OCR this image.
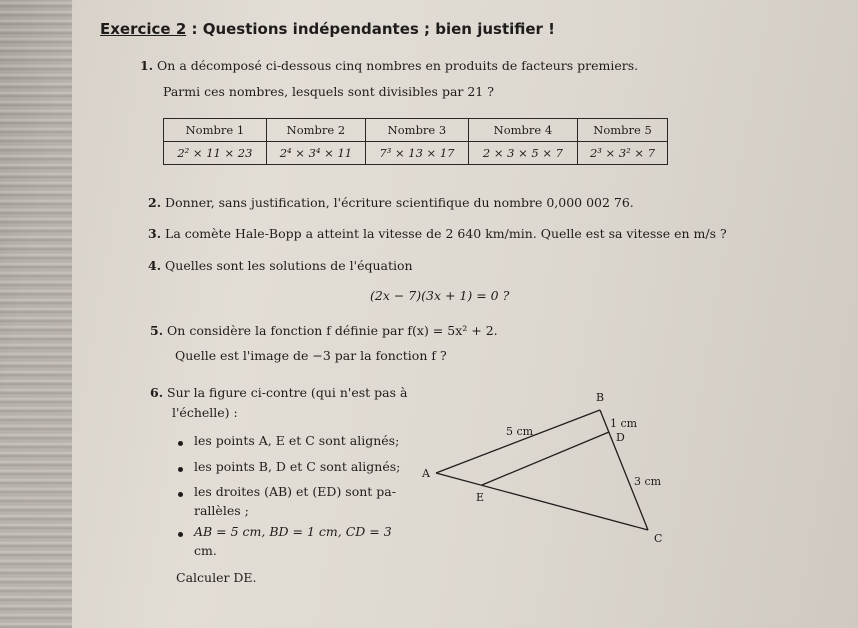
Exercice 2 : Questions indépendantes ; bien justifier !
1. On a décomposé ci-dessous cinq nombres en produits de facteurs premiers.
Parmi ces nombres, lesquels sont divisibles par 21 ?
Nombre 1	Nombre 2	Nombre 3	Nombre 4	Nombre 5
2² × 11 × 23	2⁴ × 3⁴ × 11	7³ × 13 × 17	2 × 3 × 5 × 7	2³ × 3² × 7
2. Donner, sans justification, l'écriture scientifique du nombre 0,000 002 76.
3. La comète Hale-Bopp a atteint la vitesse de 2 640 km/min. Quelle est sa vitesse en m/s ?
4. Quelles sont les solutions de l'équation
(2x − 7)(3x + 1) = 0 ?
5. On considère la fonction f définie par f(x) = 5x² + 2.
Quelle est l'image de −3 par la fonction f ?
6. Sur la figure ci-contre (qui n'est pas à
l'échelle) :
les points A, E et C sont alignés;
les points B, D et C sont alignés;
les droites (AB) et (ED) sont pa-
rallèles ;
AB = 5 cm, BD = 1 cm, CD = 3
cm.
Calculer DE.
B
A
C
D
E
5 cm
1 cm
3 cm
